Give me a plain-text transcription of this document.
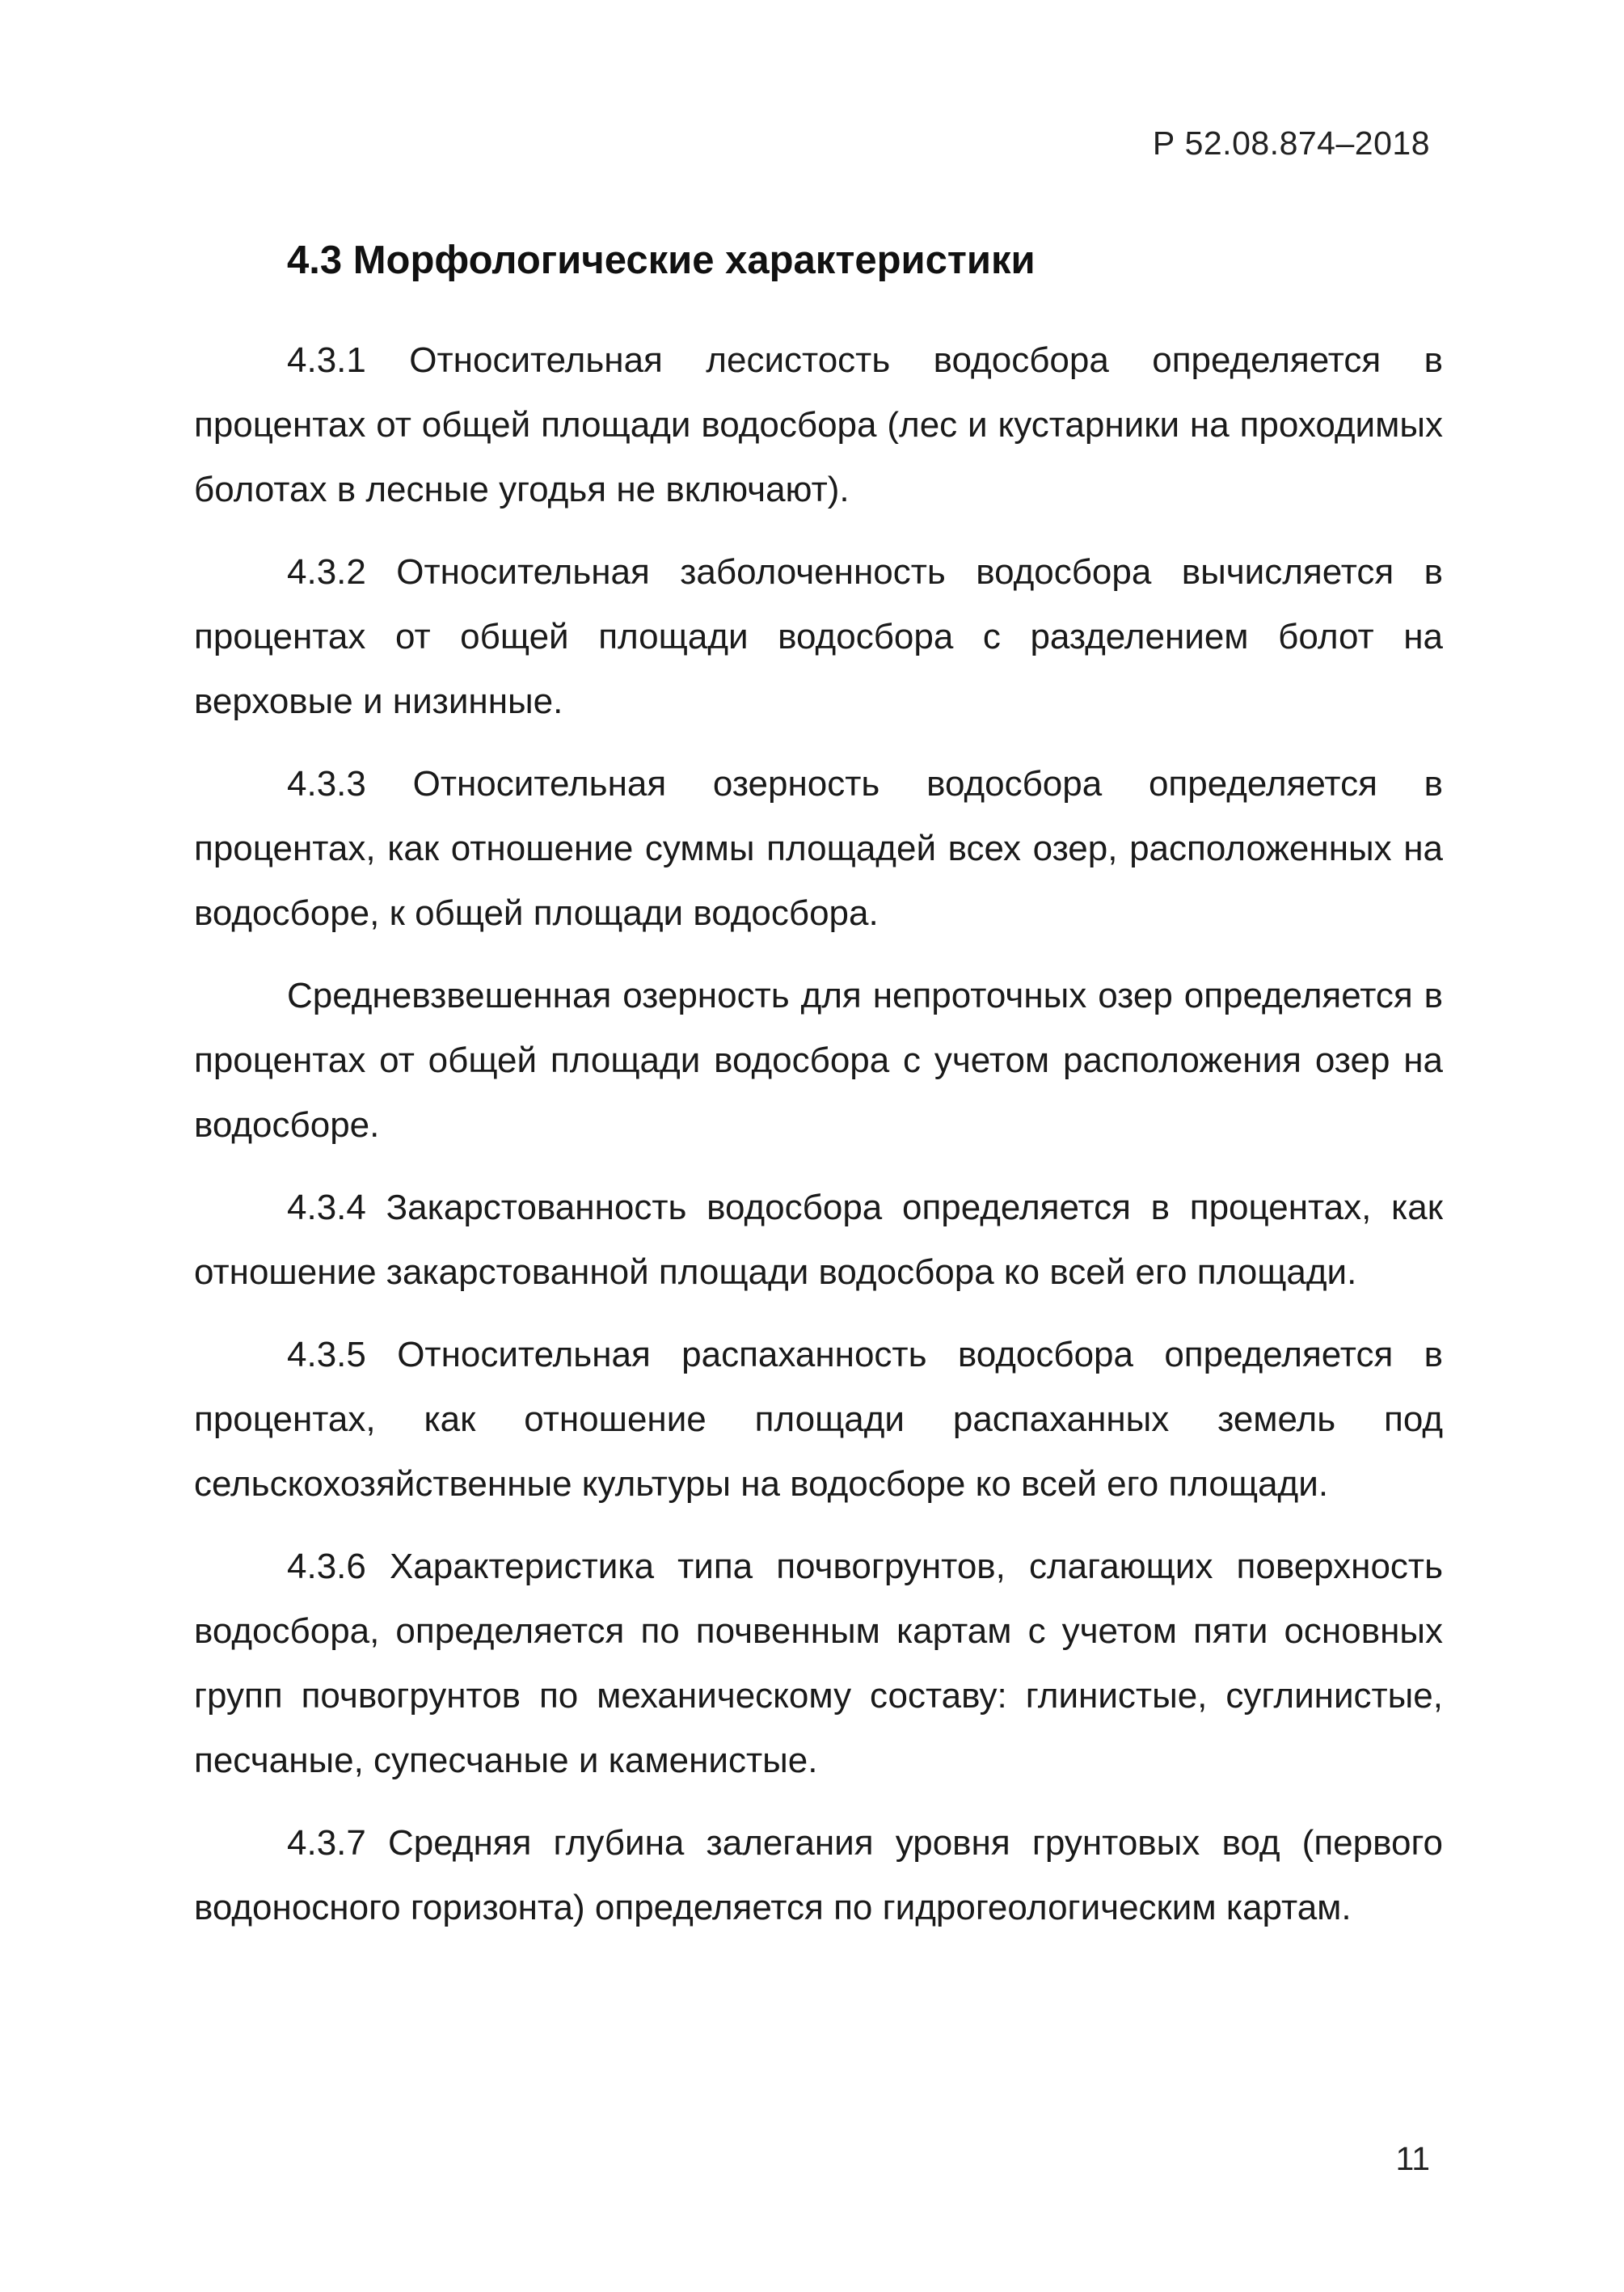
Р 52.08.874–2018
4.3 Морфологические характеристики

4.3.1 Относительная лесистость водосбора определяется в процентах от общей площади водосбора (лес и кустарники на проходимых болотах в лесные угодья не включают).

4.3.2 Относительная заболоченность водосбора вычисляется в процентах от общей площади водосбора с разделением болот на верховые и низинные.

4.3.3 Относительная озерность водосбора определяется в процентах, как отношение суммы площадей всех озер, расположенных на водосборе, к общей площади водосбора.

Средневзвешенная озерность для непроточных озер определяется в процентах от общей площади водосбора с учетом расположения озер на водосборе.

4.3.4 Закарстованность водосбора определяется в процентах, как отношение закарстованной площади водосбора ко всей его площади.

4.3.5 Относительная распаханность водосбора определяется в процентах, как отношение площади распаханных земель под сельскохозяйственные культуры на водосборе ко всей его площади.

4.3.6 Характеристика типа почвогрунтов, слагающих поверхность водосбора, определяется по почвенным картам с учетом пяти основных групп почвогрунтов по механическому составу: глинистые, суглинистые, песчаные, супесчаные и каменистые.

4.3.7 Средняя глубина залегания уровня грунтовых вод (первого водоносного горизонта) определяется по гидрогеологическим картам.

11
